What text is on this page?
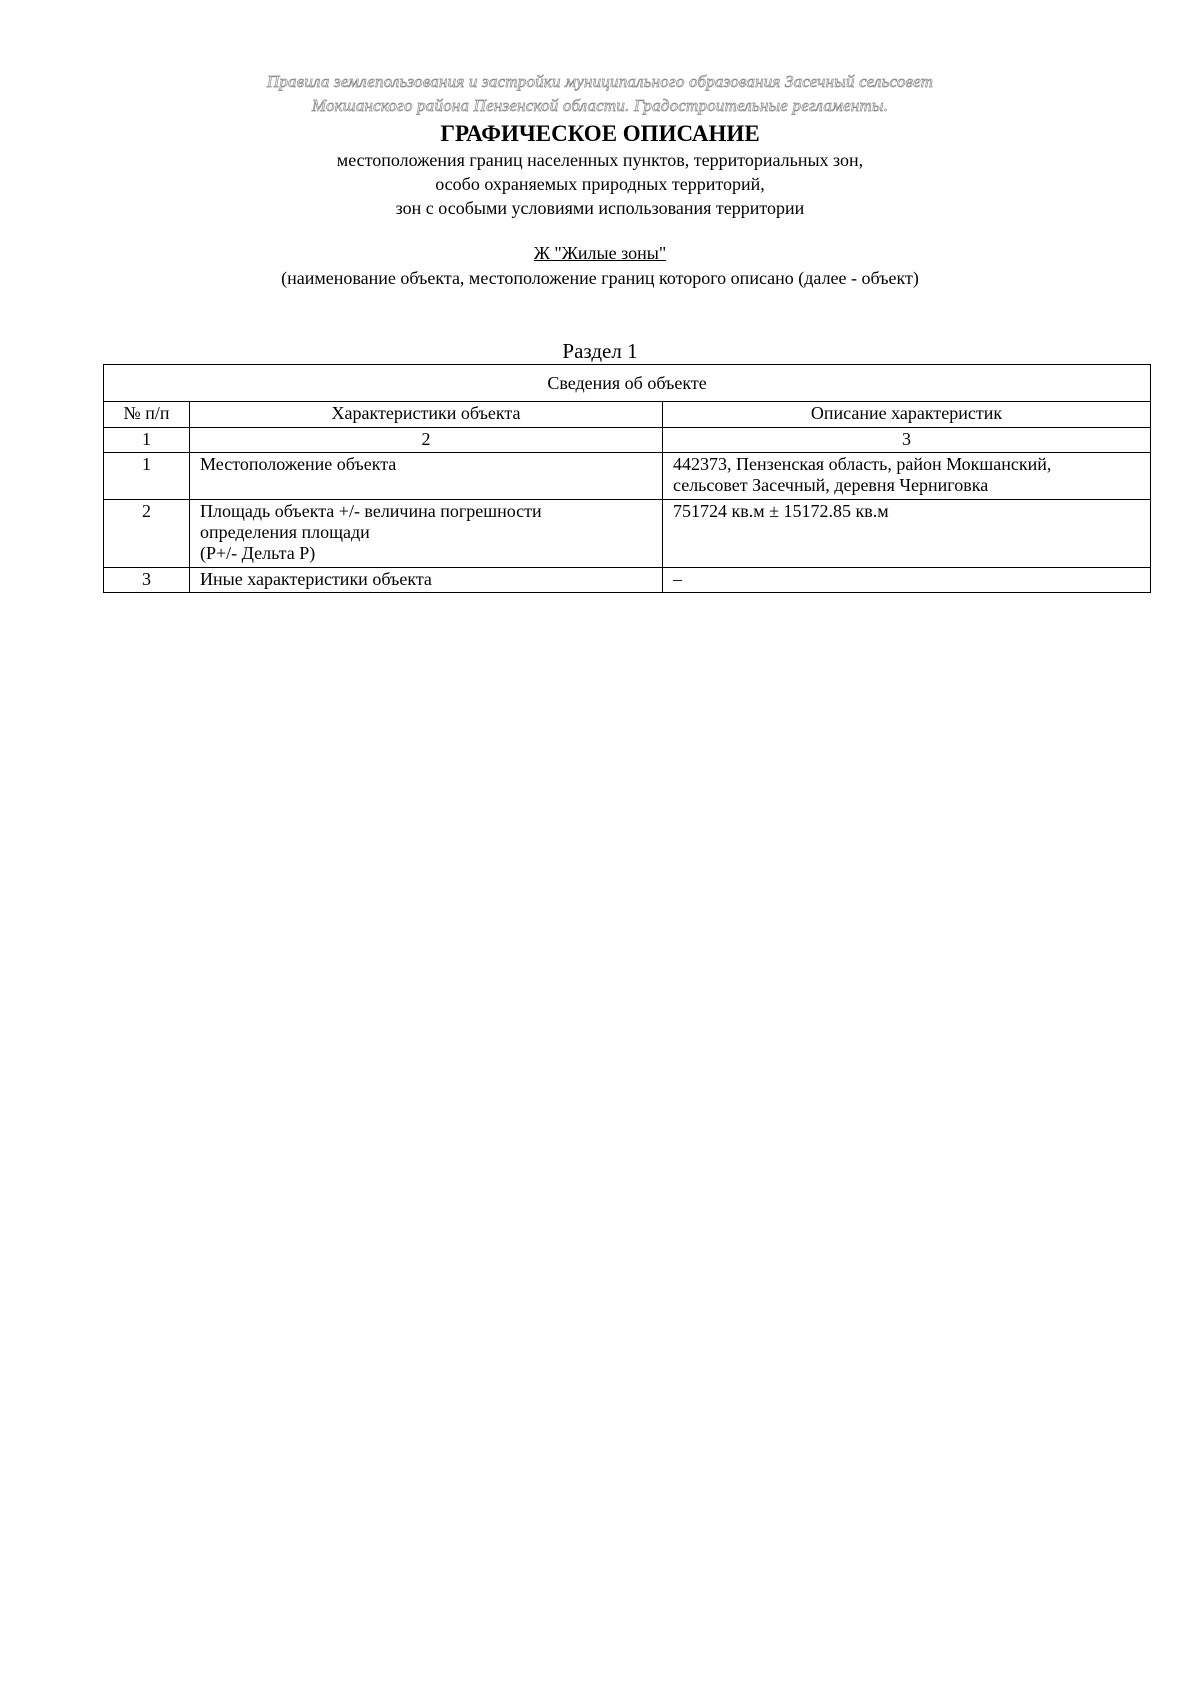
Правила землепользования и застройки муниципального образования Засечный сельсовет
Мокшанского района Пензенской области. Градостроительные регламенты.
ГРАФИЧЕСКОЕ ОПИСАНИЕ
местоположения границ населенных пунктов, территориальных зон,
особо охраняемых природных территорий,
зон с особыми условиями использования территории
Ж "Жилые зоны"
(наименование объекта, местоположение границ которого описано (далее - объект)
Раздел 1
Сведения об объекте		
№ п/п	Характеристики объекта	Описание характеристик
1	2	3
1	Местоположение объекта	442373, Пензенская область, район Мокшанский,
сельсовет Засечный, деревня Черниговка

2	Площадь объекта +/- величина погрешности
определения площади
(P+/- Дельта P)	751724 кв.м ± 15172.85 кв.м

3	Иные характеристики объекта	–
